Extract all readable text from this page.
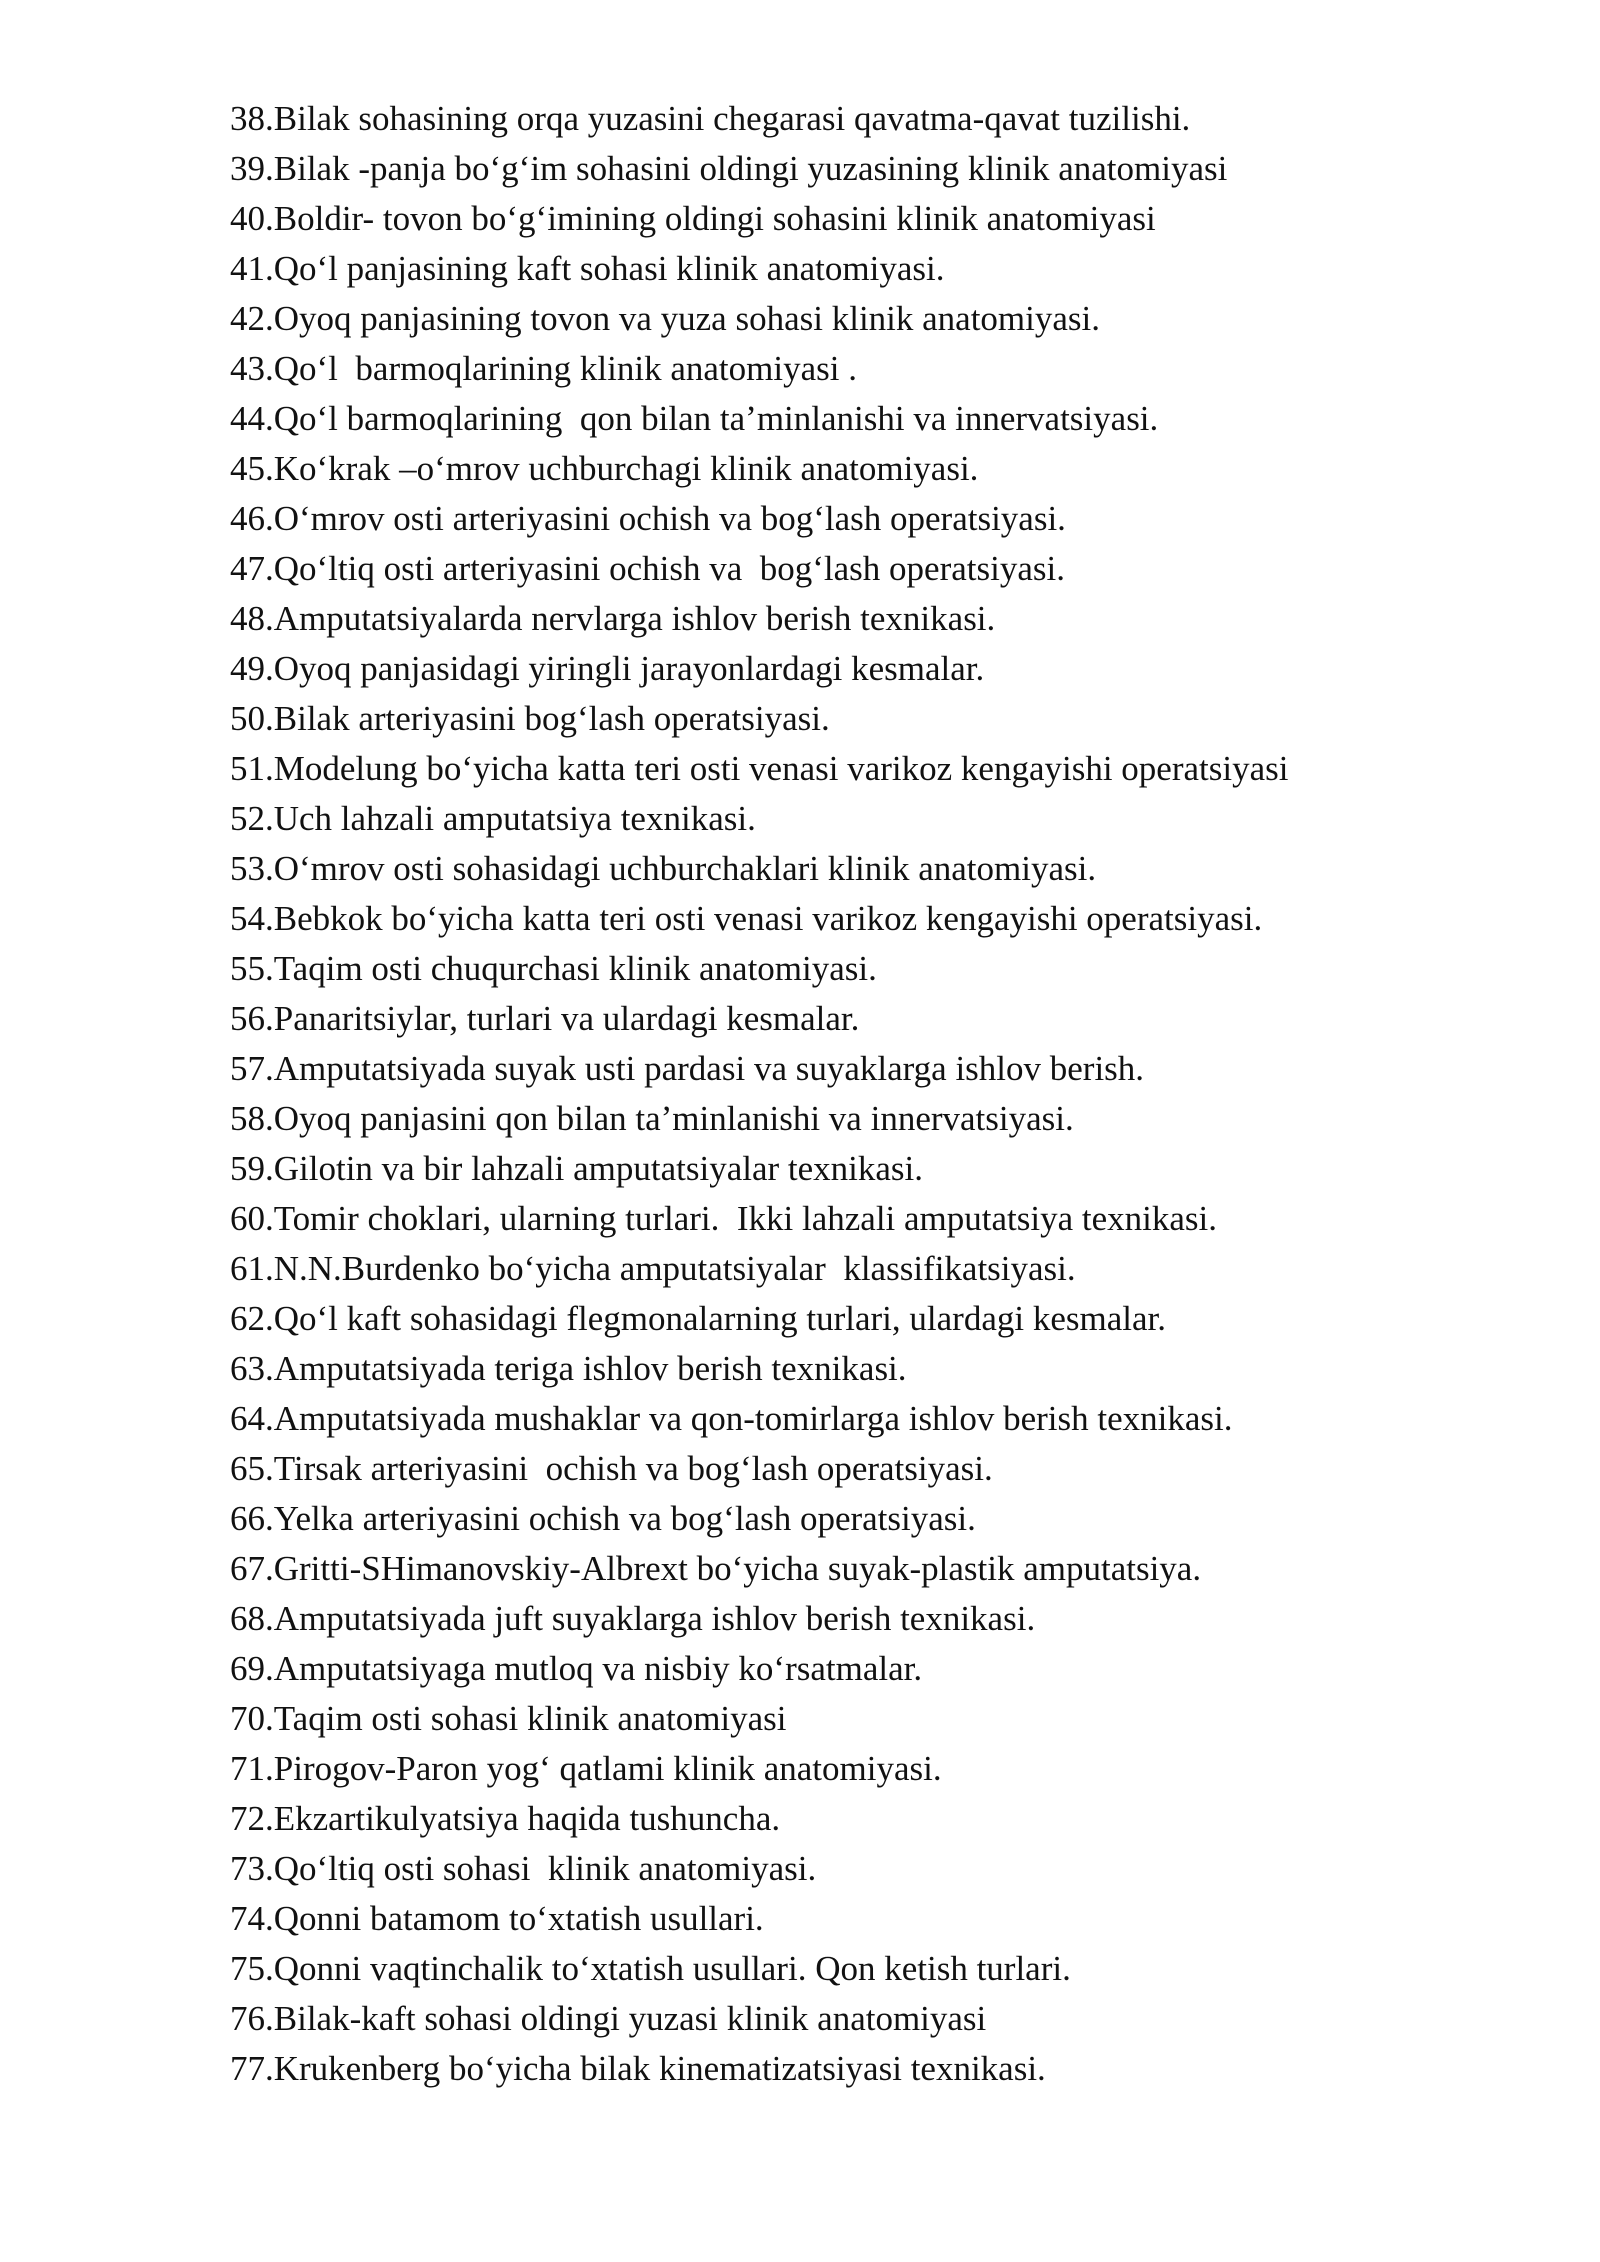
38.Bilak sohasining orqa yuzasini chegarasi qavatma-qavat tuzilishi.
39.Bilak -panja boʻgʻim sohasini oldingi yuzasining klinik anatomiyasi
40.Boldir- tovon boʻgʻimining oldingi sohasini klinik anatomiyasi
41.Qoʻl panjasining kaft sohasi klinik anatomiyasi.
42.Oyoq panjasining tovon va yuza sohasi klinik anatomiyasi.
43.Qoʻl  barmoqlarining klinik anatomiyasi .
44.Qoʻl barmoqlarining  qon bilan taʼminlanishi va innervatsiyasi.
45.Koʻkrak –oʻmrov uchburchagi klinik anatomiyasi.
46.Oʻmrov osti arteriyasini ochish va bogʻlash operatsiyasi.
47.Qoʻltiq osti arteriyasini ochish va  bogʻlash operatsiyasi.
48.Amputatsiyalarda nervlarga ishlov berish texnikasi.
49.Oyoq panjasidagi yiringli jarayonlardagi kesmalar.
50.Bilak arteriyasini bogʻlash operatsiyasi.
51.Modelung boʻyicha katta teri osti venasi varikoz kengayishi operatsiyasi
52.Uch lahzali amputatsiya texnikasi.
53.Oʻmrov osti sohasidagi uchburchaklari klinik anatomiyasi.
54.Bebkok boʻyicha katta teri osti venasi varikoz kengayishi operatsiyasi.
55.Taqim osti chuqurchasi klinik anatomiyasi.
56.Panaritsiylar, turlari va ulardagi kesmalar.
57.Amputatsiyada suyak usti pardasi va suyaklarga ishlov berish.
58.Oyoq panjasini qon bilan taʼminlanishi va innervatsiyasi.
59.Gilotin va bir lahzali amputatsiyalar texnikasi.
60.Tomir choklari, ularning turlari.  Ikki lahzali amputatsiya texnikasi.
61.N.N.Burdenko boʻyicha amputatsiyalar  klassifikatsiyasi.
62.Qoʻl kaft sohasidagi flegmonalarning turlari, ulardagi kesmalar.
63.Amputatsiyada teriga ishlov berish texnikasi.
64.Amputatsiyada mushaklar va qon-tomirlarga ishlov berish texnikasi.
65.Tirsak arteriyasini  ochish va bogʻlash operatsiyasi.
66.Yelka arteriyasini ochish va bogʻlash operatsiyasi.
67.Gritti-SHimanovskiy-Albrext boʻyicha suyak-plastik amputatsiya.
68.Amputatsiyada juft suyaklarga ishlov berish texnikasi.
69.Amputatsiyaga mutloq va nisbiy koʻrsatmalar.
70.Taqim osti sohasi klinik anatomiyasi
71.Pirogov-Paron yogʻ qatlami klinik anatomiyasi.
72.Ekzartikulyatsiya haqida tushuncha.
73.Qoʻltiq osti sohasi  klinik anatomiyasi.
74.Qonni batamom toʻxtatish usullari.
75.Qonni vaqtinchalik toʻxtatish usullari. Qon ketish turlari.
76.Bilak-kaft sohasi oldingi yuzasi klinik anatomiyasi
77.Krukenberg boʻyicha bilak kinematizatsiyasi texnikasi.
